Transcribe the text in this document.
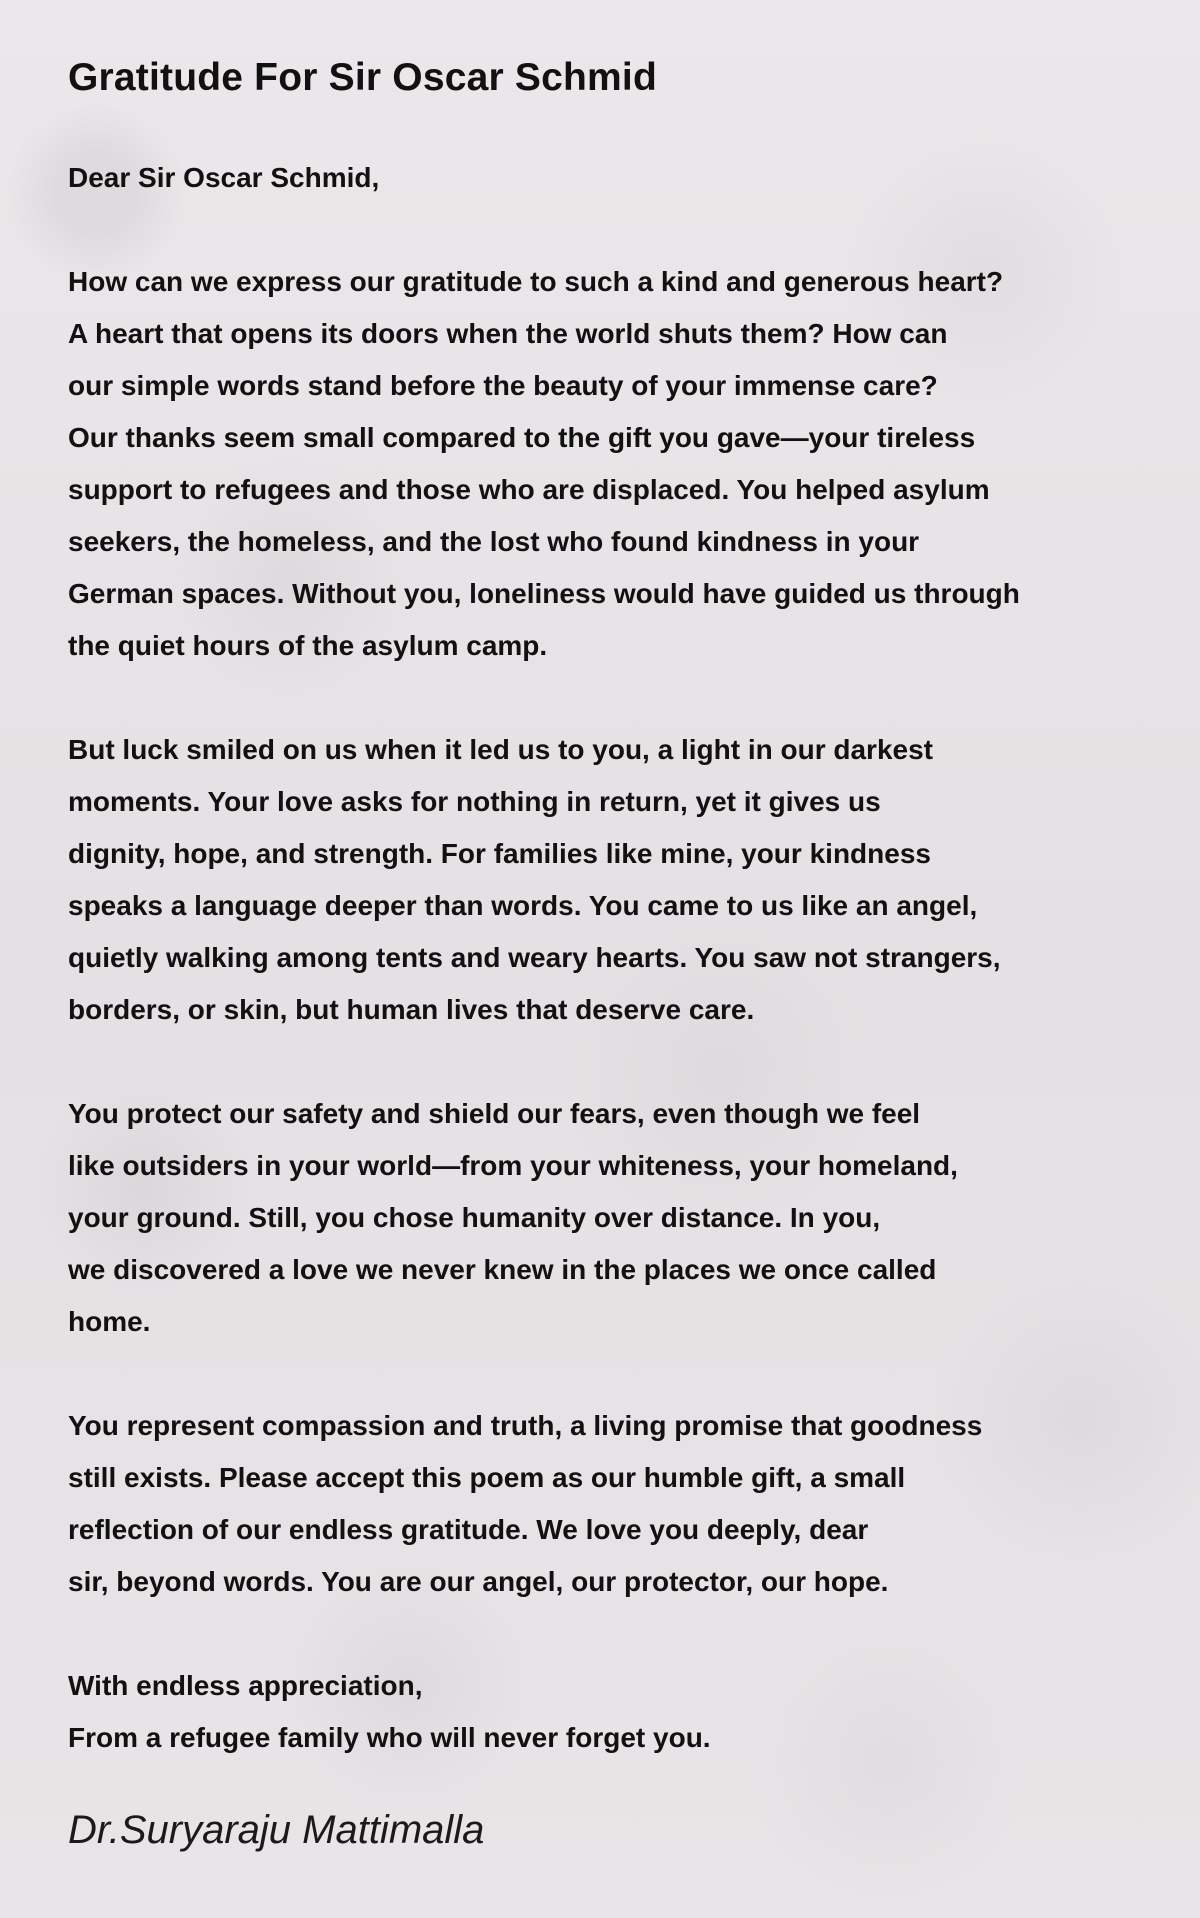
Gratitude For Sir Oscar Schmid

Dear Sir Oscar Schmid,

How can we express our gratitude to such a kind and generous heart?
A heart that opens its doors when the world shuts them? How can
our simple words stand before the beauty of your immense care?
Our thanks seem small compared to the gift you gave—your tireless
support to refugees and those who are displaced. You helped asylum
seekers, the homeless, and the lost who found kindness in your
German spaces. Without you, loneliness would have guided us through
the quiet hours of the asylum camp.
But luck smiled on us when it led us to you, a light in our darkest
moments. Your love asks for nothing in return, yet it gives us
dignity, hope, and strength. For families like mine, your kindness
speaks a language deeper than words. You came to us like an angel,
quietly walking among tents and weary hearts. You saw not strangers,
borders, or skin, but human lives that deserve care.
You protect our safety and shield our fears, even though we feel
like outsiders in your world—from your whiteness, your homeland,
your ground. Still, you chose humanity over distance. In you,
we discovered a love we never knew in the places we once called
home.
You represent compassion and truth, a living promise that goodness
still exists. Please accept this poem as our humble gift, a small
reflection of our endless gratitude. We love you deeply, dear
sir, beyond words. You are our angel, our protector, our hope.
With endless appreciation,
From a refugee family who will never forget you.

Dr.Suryaraju Mattimalla
